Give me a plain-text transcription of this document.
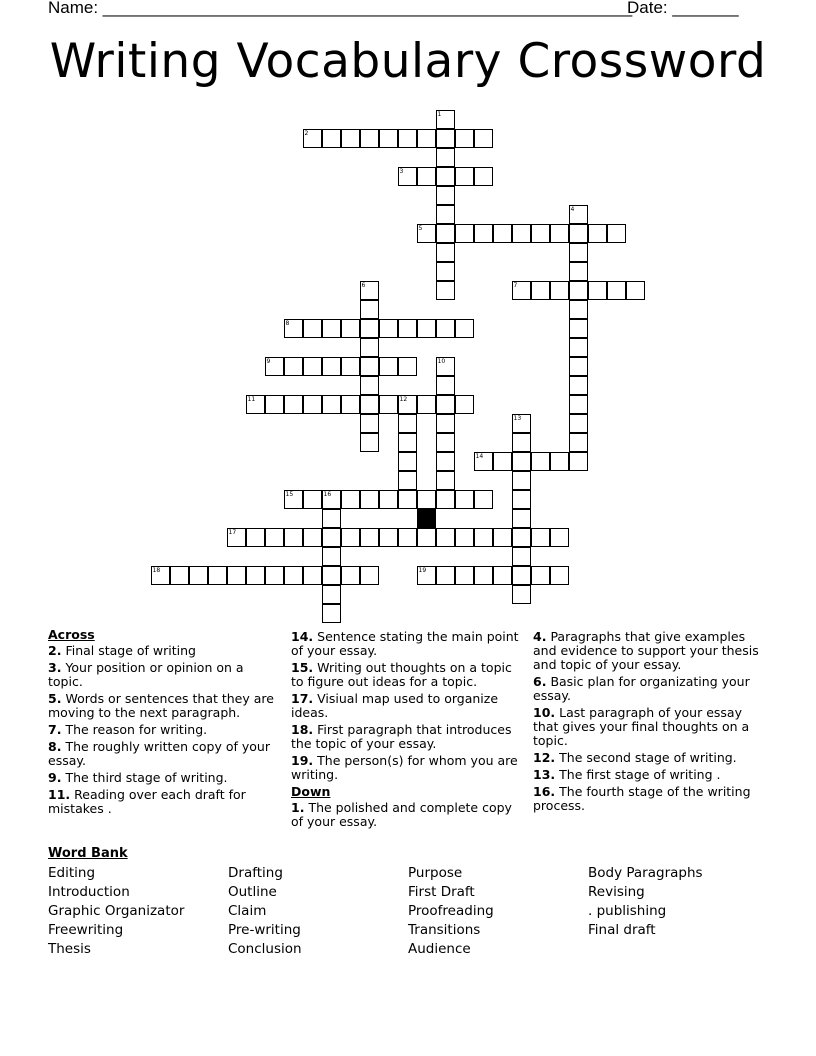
Name: ________________________________________________________
Date: _______
Writing Vocabulary Crossword
2
3
5
7
8
9
11	12
14
15	16
17
18	19
1
4
6
10
13
Across
2. Final stage of writing
3. Your position or opinion on a topic.
5. Words or sentences that they are moving to the next paragraph.
7. The reason for writing.
8. The roughly written copy of your essay.
9. The third stage of writing.
11. Reading over each draft for mistakes .
14. Sentence stating the main point of your essay.
15. Writing out thoughts on a topic to figure out ideas for a topic.
17. Visiual map used to organize ideas.
18. First paragraph that introduces the topic of your essay.
19. The person(s) for whom you are writing.
Down
1. The polished and complete copy of your essay.
4. Paragraphs that give examples and evidence to support your thesis and topic of your essay.
6. Basic plan for organizating your essay.
10. Last paragraph of your essay that gives your final thoughts on a topic.
12. The second stage of writing.
13. The first stage of writing .
16. The fourth stage of the writing process.
Word Bank
Editing
Introduction
Graphic Organizator
Freewriting
Thesis
Drafting
Outline
Claim
Pre-writing
Conclusion
Purpose
First Draft
Proofreading
Transitions
Audience
Body Paragraphs
Revising
. publishing
Final draft
